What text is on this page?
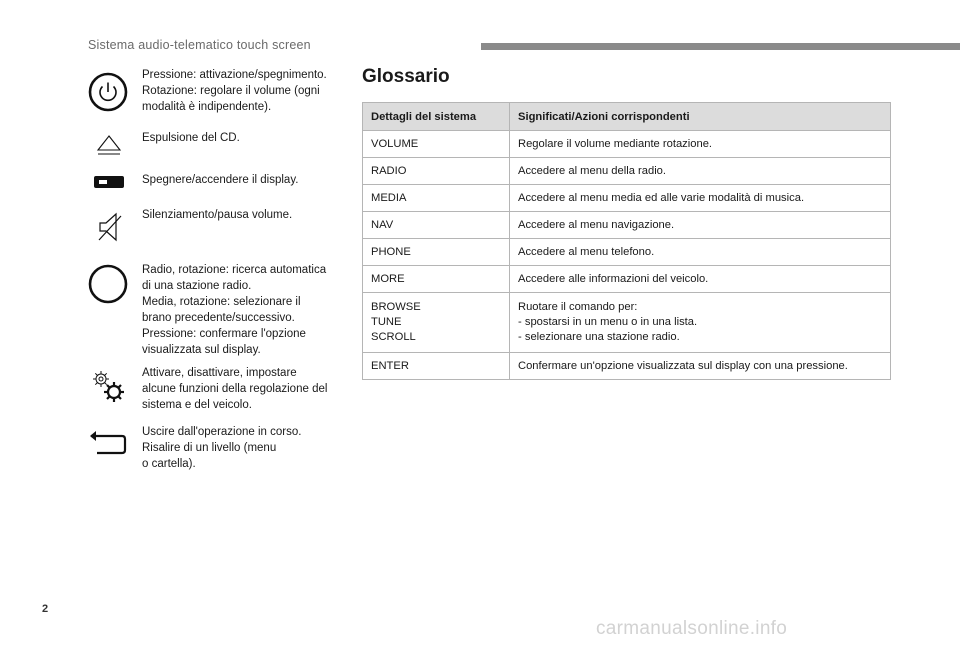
Sistema audio-telematico touch screen
Pressione: attivazione/spegnimento.
Rotazione: regolare il volume (ogni
modalità è indipendente).
Espulsione del CD.
Spegnere/accendere il display.
Silenziamento/pausa volume.
Radio, rotazione: ricerca automatica
di una stazione radio.
Media, rotazione: selezionare il
brano precedente/successivo.
Pressione: confermare l'opzione
visualizzata sul display.
Attivare, disattivare, impostare
alcune funzioni della regolazione del
sistema e del veicolo.
Uscire dall'operazione in corso.
Risalire di un livello (menu
o cartella).
Glossario
Dettagli del sistema	Significati/Azioni corrispondenti
VOLUME	Regolare il volume mediante rotazione.
RADIO	Accedere al menu della radio.
MEDIA	Accedere al menu media ed alle varie modalità di musica.
NAV	Accedere al menu navigazione.
PHONE	Accedere al menu telefono.
MORE	Accedere alle informazioni del veicolo.

BROWSE
TUNE
SCROLL	Ruotare il comando per:
- spostarsi in un menu o in una lista.
- selezionare una stazione radio.

ENTER	Confermare un'opzione visualizzata sul display con una pressione.
2
carmanualsonline.info
